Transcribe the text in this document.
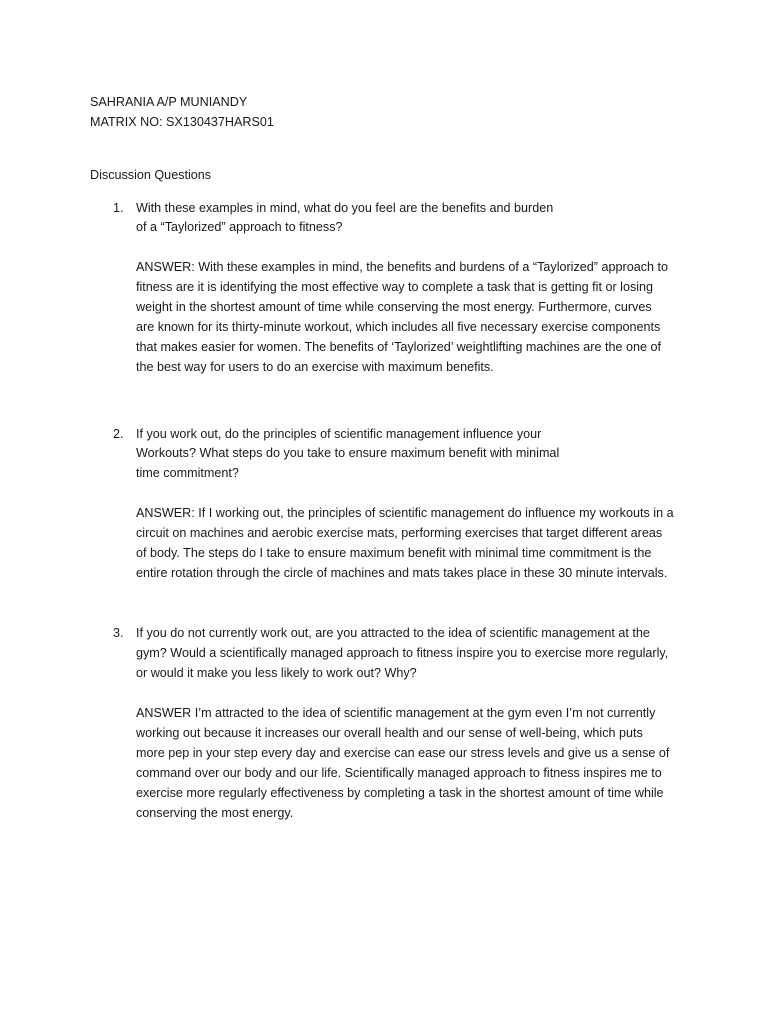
SAHRANIA A/P MUNIANDY
MATRIX NO: SX130437HARS01
Discussion Questions
1. With these examples in mind, what do you feel are the benefits and burden
of a “Taylorized” approach to fitness?
ANSWER: With these examples in mind, the benefits and burdens of a “Taylorized” approach to
fitness are it is identifying the most effective way to complete a task that is getting fit or losing
weight in the shortest amount of time while conserving the most energy. Furthermore, curves
are known for its thirty-minute workout, which includes all five necessary exercise components
that makes easier for women. The benefits of ‘Taylorized’ weightlifting machines are the one of
the best way for users to do an exercise with maximum benefits.
2. If you work out, do the principles of scientific management influence your
Workouts? What steps do you take to ensure maximum benefit with minimal
time commitment?
ANSWER: If I working out, the principles of scientific management do influence my workouts in a
circuit on machines and aerobic exercise mats, performing exercises that target different areas
of body. The steps do I take to ensure maximum benefit with minimal time commitment is the
entire rotation through the circle of machines and mats takes place in these 30 minute intervals.
3. If you do not currently work out, are you attracted to the idea of scientific management at the
gym? Would a scientifically managed approach to fitness inspire you to exercise more regularly,
or would it make you less likely to work out? Why?
ANSWER I’m attracted to the idea of scientific management at the gym even I’m not currently
working out because it increases our overall health and our sense of well-being, which puts
more pep in your step every day and exercise can ease our stress levels and give us a sense of
command over our body and our life. Scientifically managed approach to fitness inspires me to
exercise more regularly effectiveness by completing a task in the shortest amount of time while
conserving the most energy.
